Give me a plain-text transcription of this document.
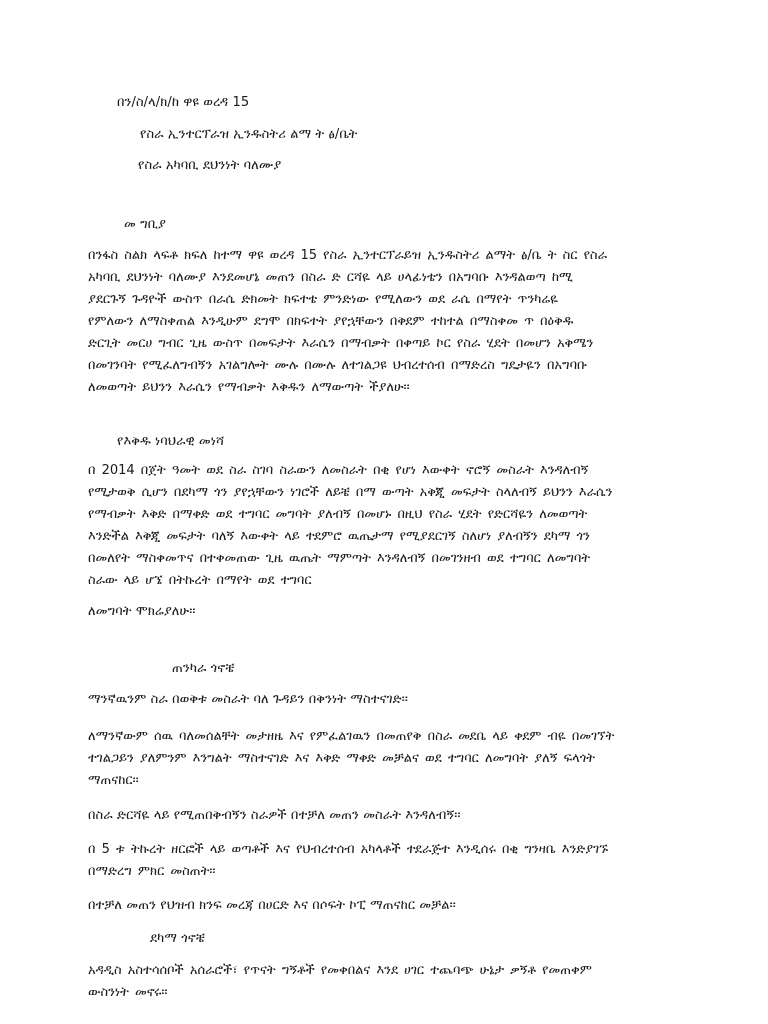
በን/ስ/ላ/ክ/ከ ዋዩ ወረዳ 15
የስራ ኢንተርፕራዝ ኢንዱስትሪ ልማ ት ፅ/ቤት
የስራ አካባቢ ደህንነት ባለሙያ
መ ግቢያ
በንፋስ ስልክ ላፍቶ ክፍለ ከተማ ዋዩ ወረዳ 15 የስራ ኢንተርፕራይዝ ኢንዱስትሪ ልማት ፅ/ቤ ት ስር የስራ
አካባቢ ደህንነት ባለሙያ እንደመሆኔ መጠን በስራ ድ ርሻዬ ላይ ሀላፊነቴን በአግባቡ እንዳልወጣ ከሚ
ያደርጉኝ ጉዳዮች ውስጥ በራሴ ድክመት ክፍተቴ ምንድነው የሚለውን ወደ ራሴ በማየት ጥንካሬዬ
የምለውን ለማስቀጠል እንዲሁም ደግሞ በክፍተት ያየኋቸውን በቅደም ተከተል በማስቀመ ጥ በዕቅዱ
ድርጊት መርሀ ግብር ጊዜ ውስጥ በመፍታት እራሴን በማብቃት በቀጣይ ኮር የስራ ሂደት በመሆን አቅሜን
በመገንባት የሚፈለግብኝን አገልግሎት ሙሉ በሙሉ ለተገልጋዩ ህብረተሰብ በማድረስ ግዴታዬን በአግባቡ
ለመወጣት ይህንን እራሴን የማብቃት እቅዱን ለማውጣት ችያለሁ፡፡
የእቅዱ ነባህራዊ መነሻ
በ 2014 በጀት ዓመት ወደ ስራ ስገባ ስራውን ለመስራት በቂ የሆነ እውቀት ኖሮኝ መስራት እንዳለብኝ
የሚታወቅ ሲሆን በደካማ ጎን ያየኋቸውን ነገሮች ለይቼ በማ ውጣት አቅጂ መፍታት ስላለብኝ ይህንን እራሴን
የማብቃት እቅድ በማቀድ ወደ ተግባር መግባት ያለብኝ በመሆኑ በዚህ የስራ ሂደት የድርሻዬን ለመወጣት
እንድችል እቅጂ መፍታት ባለኝ እውቀት ላይ ተደምሮ ዉጤታማ የሚያደርገኝ ስለሆነ ያለብኝን ደካማ ጎን
በመለየት ማስቀመጥና በተቀመጠው ጊዜ ዉጤት ማምጣት እንዳለብኝ በመገንዘብ ወደ ተግባር ለመግባት
ስራው ላይ ሆኜ በትኩረት በማየት ወደ ተግባር
ለመግባት ሞክሬያለሁ፡፡
ጠንካራ ጎኖቼ
ማንኛዉንም ስራ በወቅቱ መስራት ባለ ጉዳይን በቅንነት ማስተናገድ፡፡
ለማንኛውም ሰዉ ባለመሰልቸት መታዘዜ እና የምፈልገዉን በመጠየቅ በስራ መደቤ ላይ ቀደም ብዬ በመገኘት
ተገልጋይን ያለምንም እንግልት ማስተናገድ እና እቅድ ማቀድ መቻልና ወደ ተግባር ለመግባት ያለኝ ፍላጎት
ማጠናከር፡፡
በስራ ድርሻዬ ላይ የሚጠበቅብኝን ስራዎች በተቻለ መጠን መስራት እንዳለብኝ፡፡
በ 5 ቱ ትኩረት ዘርፎች ላይ ወጣቶች እና የህብረተሰብ አካላቶች ተደራጅተ እንዲሰሩ በቂ ግንዛቤ እንድያገኙ
በማድረግ ምክር መስጠት፡፡
በተቻለ መጠን የህዝብ ክንፍ መረጃ በሀርድ እና በሶፍት ኮፒ ማጠናከር መቻል፡፡
ደካማ ጎኖቼ
አዳዲስ አስተሳሰቦች አሰራሮች፣ የጥናት ግኝቶች የመቀበልና እንደ ሀገር ተጨባጭ ሁኔታ ቃኝቶ የመጠቀም
ውስንነት መኖሩ፡፡
